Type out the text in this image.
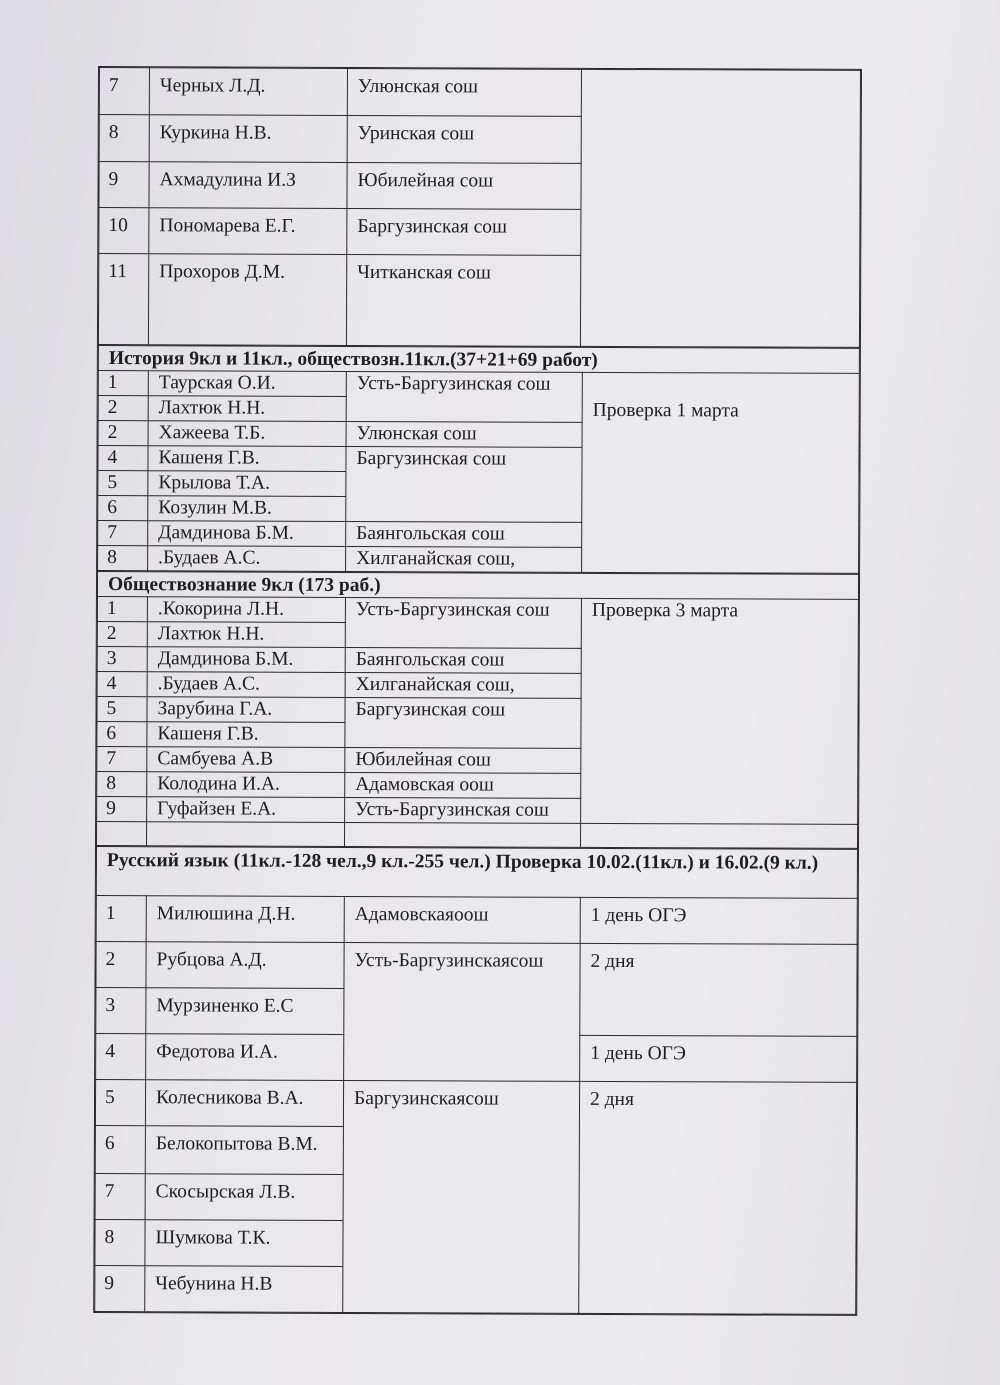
7	Черных Л.Д.	Улюнская сош	
8	Куркина Н.В.	Уринская сош	
9	Ахмадулина И.З	Юбилейная сош	
10	Пономарева Е.Г.	Баргузинская сош	
11	Прохоров Д.М.	Читканская сош	
История 9кл и 11кл., обществозн.11кл.(37+21+69 работ)			
1	Таурская О.И.	Усть-Баргузинская сош	Проверка 1 марта
2	Лахтюк Н.Н.		
2	Хажеева Т.Б.	Улюнская сош	
4	Кашеня Г.В.	Баргузинская сош	
5	Крылова Т.А.		
6	Козулин М.В.		
7	Дамдинова Б.М.	Баянгольская сош	
8	.Будаев А.С.	Хилганайская сош,	
Обществознание 9кл (173 раб.)			
1	.Кокорина Л.Н.	Усть-Баргузинская сош	Проверка 3 марта
2	Лахтюк Н.Н.		
3	Дамдинова Б.М.	Баянгольская сош	
4	.Будаев А.С.	Хилганайская сош,	
5	Зарубина Г.А.	Баргузинская сош	
6	Кашеня Г.В.		
7	Самбуева А.В	Юбилейная сош	
8	Колодина И.А.	Адамовская оош	
9	Гуфайзен Е.А.	Усть-Баргузинская сош	

Русский язык (11кл.-128 чел.,9 кл.-255 чел.) Проверка 10.02.(11кл.) и 16.02.(9 кл.)			
1	Милюшина Д.Н.	Адамовскаяоош	1 день ОГЭ
2	Рубцова А.Д.	Усть-Баргузинскаясош	2 дня
3	Мурзиненко Е.С		
4	Федотова И.А.		1 день ОГЭ
5	Колесникова В.А.	Баргузинскаясош	2 дня
6	Белокопытова В.М.		
7	Скосырская Л.В.		
8	Шумкова Т.К.		
9	Чебунина Н.В		
